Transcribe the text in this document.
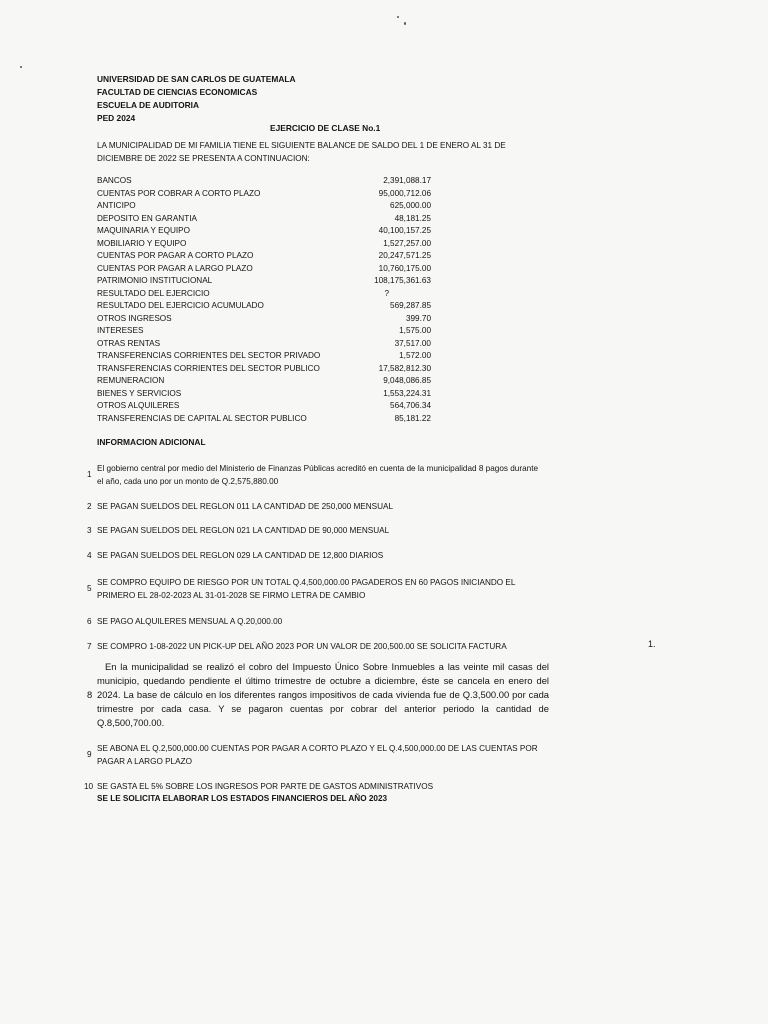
UNIVERSIDAD DE SAN CARLOS DE GUATEMALA
FACULTAD DE CIENCIAS ECONOMICAS
ESCUELA DE AUDITORIA
PED 2024
EJERCICIO DE CLASE No.1
LA MUNICIPALIDAD DE MI FAMILIA TIENE EL SIGUIENTE BALANCE DE SALDO DEL 1 DE ENERO AL 31 DE DICIEMBRE DE 2022 SE PRESENTA A CONTINUACION:
BANCOS	2,391,088.17
CUENTAS POR COBRAR A CORTO PLAZO	95,000,712.06
ANTICIPO	625,000.00
DEPOSITO EN GARANTIA	48,181.25
MAQUINARIA Y EQUIPO	40,100,157.25
MOBILIARIO Y EQUIPO	1,527,257.00
CUENTAS POR PAGAR A CORTO PLAZO	20,247,571.25
CUENTAS POR PAGAR A LARGO PLAZO	10,760,175.00
PATRIMONIO INSTITUCIONAL	108,175,361.63
RESULTADO DEL EJERCICIO	?
RESULTADO DEL EJERCICIO ACUMULADO	569,287.85
OTROS INGRESOS	399.70
INTERESES	1,575.00
OTRAS RENTAS	37,517.00
TRANSFERENCIAS CORRIENTES DEL SECTOR PRIVADO	1,572.00
TRANSFERENCIAS CORRIENTES DEL SECTOR PUBLICO	17,582,812.30
REMUNERACION	9,048,086.85
BIENES Y SERVICIOS	1,553,224.31
OTROS ALQUILERES	564,706.34
TRANSFERENCIAS DE CAPITAL AL SECTOR PUBLICO	85,181.22
INFORMACION ADICIONAL
1
El gobierno central por medio del Ministerio de Finanzas Públicas acreditó en cuenta de la municipalidad 8 pagos durante el año, cada uno por un monto de Q.2,575,880.00
2 SE PAGAN SUELDOS DEL REGLON 011 LA CANTIDAD DE 250,000 MENSUAL
3 SE PAGAN SUELDOS DEL REGLON 021 LA CANTIDAD DE 90,000 MENSUAL
4 SE PAGAN SUELDOS DEL REGLON 029 LA CANTIDAD DE 12,800 DIARIOS
5
SE COMPRO EQUIPO DE RIESGO POR UN TOTAL Q.4,500,000.00 PAGADEROS EN 60 PAGOS INICIANDO EL PRIMERO EL 28-02-2023 AL 31-01-2028 SE FIRMO LETRA DE CAMBIO
6 SE PAGO ALQUILERES MENSUAL A Q.20,000.00
7 SE COMPRO 1-08-2022 UN PICK-UP DEL AÑO 2023 POR UN VALOR DE 200,500.00 SE SOLICITA FACTURA	1.
8
En la municipalidad se realizó el cobro del Impuesto Único Sobre Inmuebles a las veinte mil casas del municipio, quedando pendiente el último trimestre de octubre a diciembre, éste se cancela en enero del 2024. La base de cálculo en los diferentes rangos impositivos de cada vivienda fue de Q.3,500.00 por cada trimestre por cada casa. Y se pagaron cuentas por cobrar del anterior periodo la cantidad de Q.8,500,700.00.
9
SE ABONA EL Q.2,500,000.00 CUENTAS POR PAGAR A CORTO PLAZO Y EL Q.4,500,000.00 DE LAS CUENTAS POR PAGAR A LARGO PLAZO
10 SE GASTA EL 5% SOBRE LOS INGRESOS POR PARTE DE GASTOS ADMINISTRATIVOS
SE LE SOLICITA ELABORAR LOS ESTADOS FINANCIEROS DEL AÑO 2023
